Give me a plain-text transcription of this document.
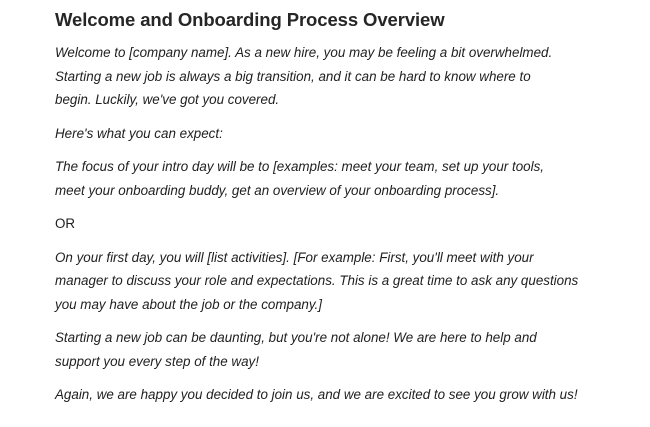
Welcome and Onboarding Process Overview

Welcome to [company name]. As a new hire, you may be feeling a bit overwhelmed. Starting a new job is always a big transition, and it can be hard to know where to begin. Luckily, we've got you covered.

Here's what you can expect:

The focus of your intro day will be to [examples: meet your team, set up your tools, meet your onboarding buddy, get an overview of your onboarding process].

OR

On your first day, you will [list activities]. [For example: First, you'll meet with your manager to discuss your role and expectations. This is a great time to ask any questions you may have about the job or the company.]

Starting a new job can be daunting, but you're not alone! We are here to help and support you every step of the way!

Again, we are happy you decided to join us, and we are excited to see you grow with us!
